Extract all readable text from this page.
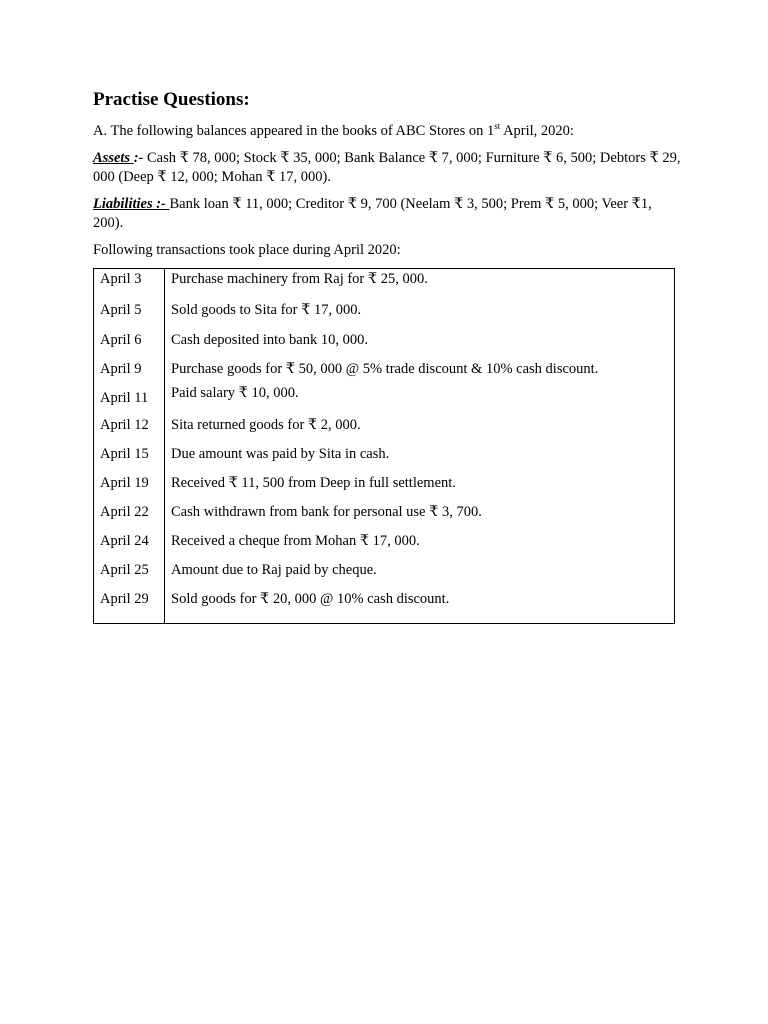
Practise Questions:
A. The following balances appeared in the books of ABC Stores on 1st April, 2020:
Assets :- Cash ₹ 78, 000; Stock ₹ 35, 000; Bank Balance ₹ 7, 000; Furniture ₹ 6, 500; Debtors ₹ 29, 000 (Deep ₹ 12, 000; Mohan ₹ 17, 000).
Liabilities :- Bank loan ₹ 11, 000; Creditor ₹ 9, 700 (Neelam ₹ 3, 500; Prem ₹ 5, 000; Veer ₹1, 200).
Following transactions took place during April 2020:
April 3	Purchase machinery from Raj for ₹ 25, 000.
April 5	Sold goods to Sita for ₹ 17, 000.
April 6	Cash deposited into bank 10, 000.
April 9	Purchase goods for ₹ 50, 000 @ 5% trade discount & 10% cash discount.
April 11	Paid salary ₹ 10, 000.
April 12	Sita returned goods for ₹ 2, 000.
April 15	Due amount was paid by Sita in cash.
April 19	Received ₹ 11, 500 from Deep in full settlement.
April 22	Cash withdrawn from bank for personal use ₹ 3, 700.
April 24	Received a cheque from Mohan ₹ 17, 000.
April 25	Amount due to Raj paid by cheque.
April 29	Sold goods for ₹ 20, 000 @ 10% cash discount.
